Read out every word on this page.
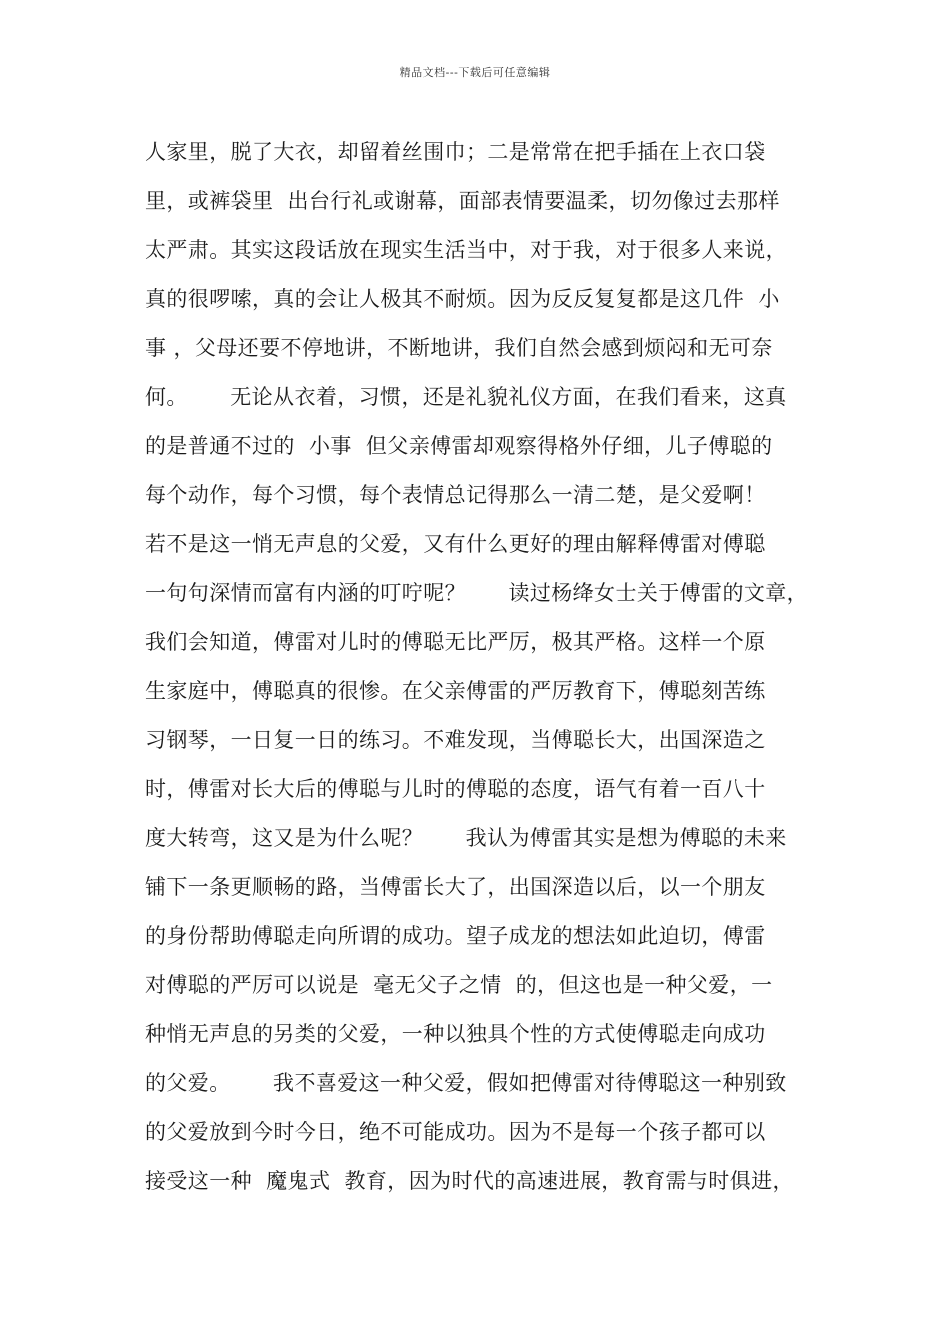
精品文档---下载后可任意编辑
人家里，脱了大衣，却留着丝围巾；二是常常在把手插在上衣口袋
里，或裤袋里  出台行礼或谢幕，面部表情要温柔，切勿像过去那样
太严肃。其实这段话放在现实生活当中，对于我，对于很多人来说，
真的很啰嗦，真的会让人极其不耐烦。因为反反复复都是这几件  小
事 ，父母还要不停地讲，不断地讲，我们自然会感到烦闷和无可奈
何。      无论从衣着，习惯，还是礼貌礼仪方面，在我们看来，这真
的是普通不过的  小事  但父亲傅雷却观察得格外仔细，儿子傅聪的
每个动作，每个习惯，每个表情总记得那么一清二楚，是父爱啊！
若不是这一悄无声息的父爱，又有什么更好的理由解释傅雷对傅聪
一句句深情而富有内涵的叮咛呢？      读过杨绛女士关于傅雷的文章，
我们会知道，傅雷对儿时的傅聪无比严厉，极其严格。这样一个原
生家庭中，傅聪真的很惨。在父亲傅雷的严厉教育下，傅聪刻苦练
习钢琴，一日复一日的练习。不难发现，当傅聪长大，出国深造之
时，傅雷对长大后的傅聪与儿时的傅聪的态度，语气有着一百八十
度大转弯，这又是为什么呢？      我认为傅雷其实是想为傅聪的未来
铺下一条更顺畅的路，当傅雷长大了，出国深造以后，以一个朋友
的身份帮助傅聪走向所谓的成功。望子成龙的想法如此迫切，傅雷
对傅聪的严厉可以说是  毫无父子之情  的，但这也是一种父爱，一
种悄无声息的另类的父爱，一种以独具个性的方式使傅聪走向成功
的父爱。      我不喜爱这一种父爱，假如把傅雷对待傅聪这一种别致
的父爱放到今时今日，绝不可能成功。因为不是每一个孩子都可以
接受这一种  魔鬼式  教育，因为时代的高速进展，教育需与时俱进，
